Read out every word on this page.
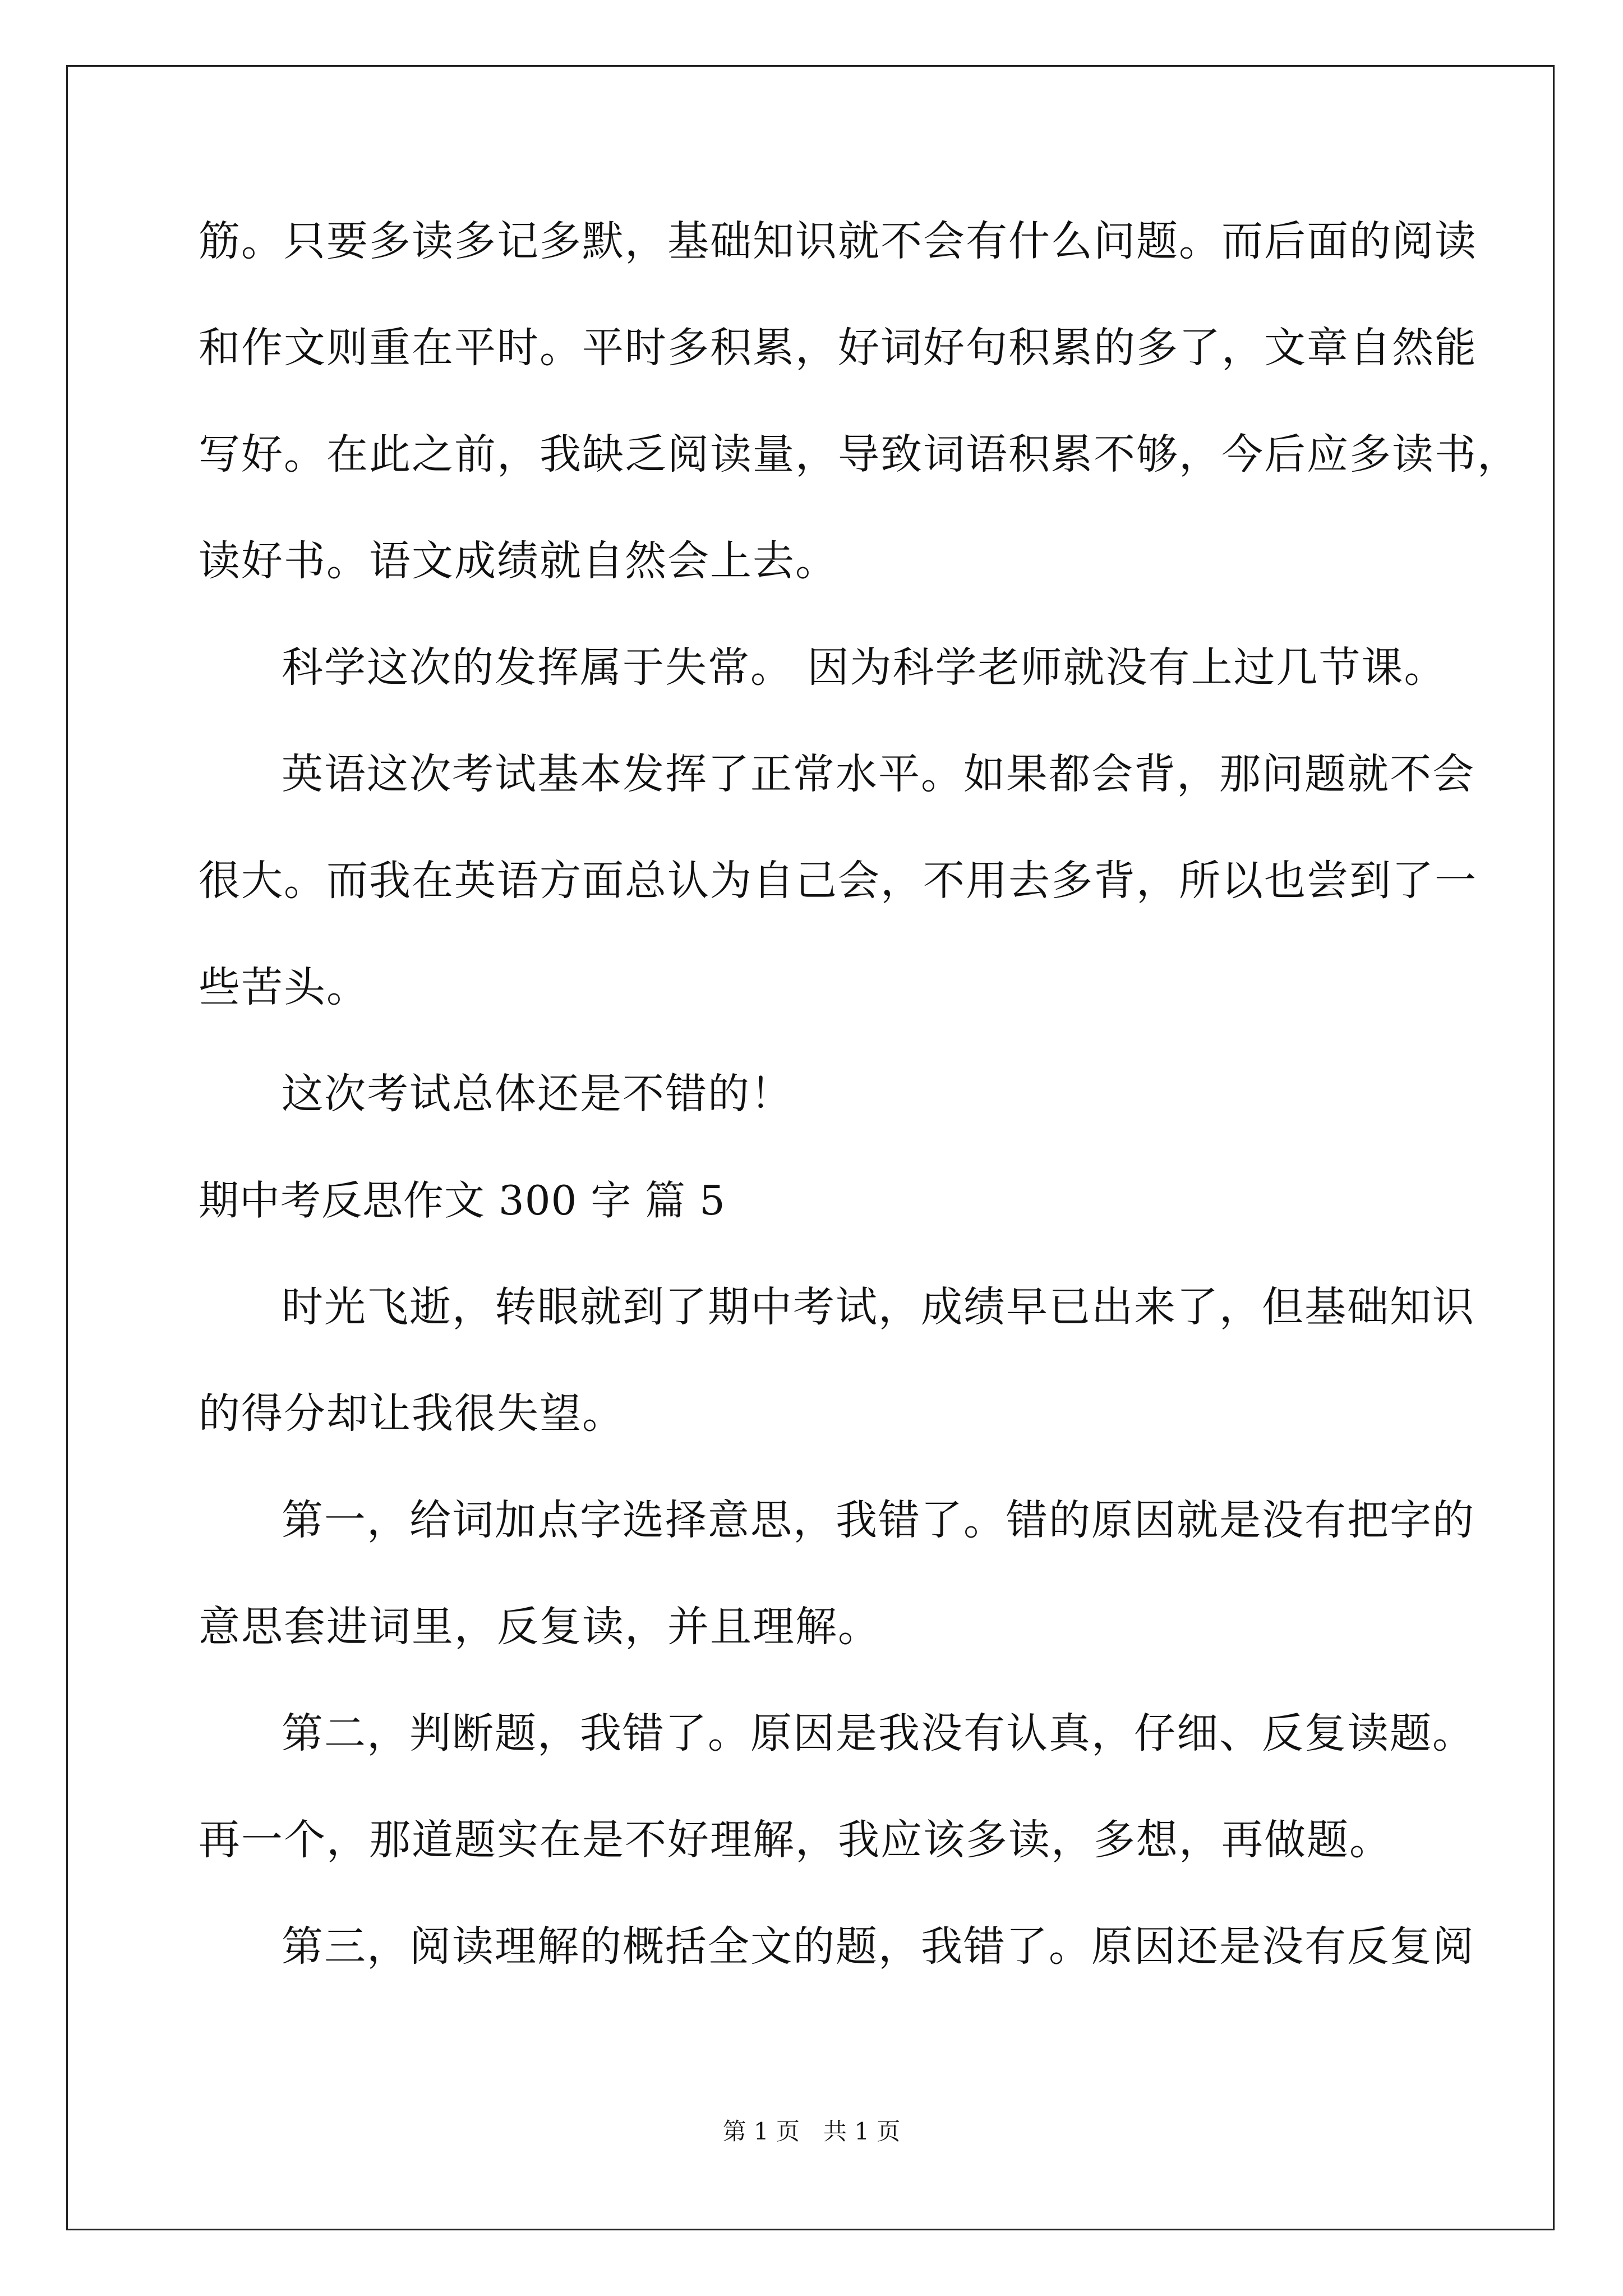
筋。只要多读多记多默，基础知识就不会有什么问题。而后面的阅读
和作文则重在平时。平时多积累，好词好句积累的多了，文章自然能
写好。在此之前，我缺乏阅读量，导致词语积累不够，今后应多读书，
读好书。语文成绩就自然会上去。
科学这次的发挥属于失常。 因为科学老师就没有上过几节课。
英语这次考试基本发挥了正常水平。如果都会背，那问题就不会
很大。而我在英语方面总认为自己会，不用去多背，所以也尝到了一
些苦头。
这次考试总体还是不错的！
期中考反思作文 300 字 篇 5
时光飞逝，转眼就到了期中考试，成绩早已出来了，但基础知识
的得分却让我很失望。
第一，给词加点字选择意思，我错了。错的原因就是没有把字的
意思套进词里，反复读，并且理解。
第二，判断题，我错了。原因是我没有认真，仔细、反复读题。
再一个，那道题实在是不好理解，我应该多读，多想，再做题。
第三，阅读理解的概括全文的题，我错了。原因还是没有反复阅
第 1 页　共 1 页
